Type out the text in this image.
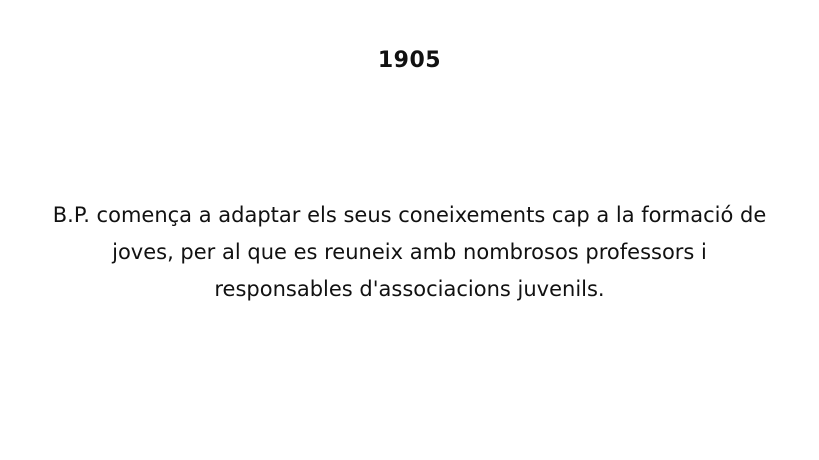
1905

B.P. comença a adaptar els seus coneixements cap a la formació de joves, per al que es reuneix amb nombrosos professors i responsables d'associacions juvenils.
